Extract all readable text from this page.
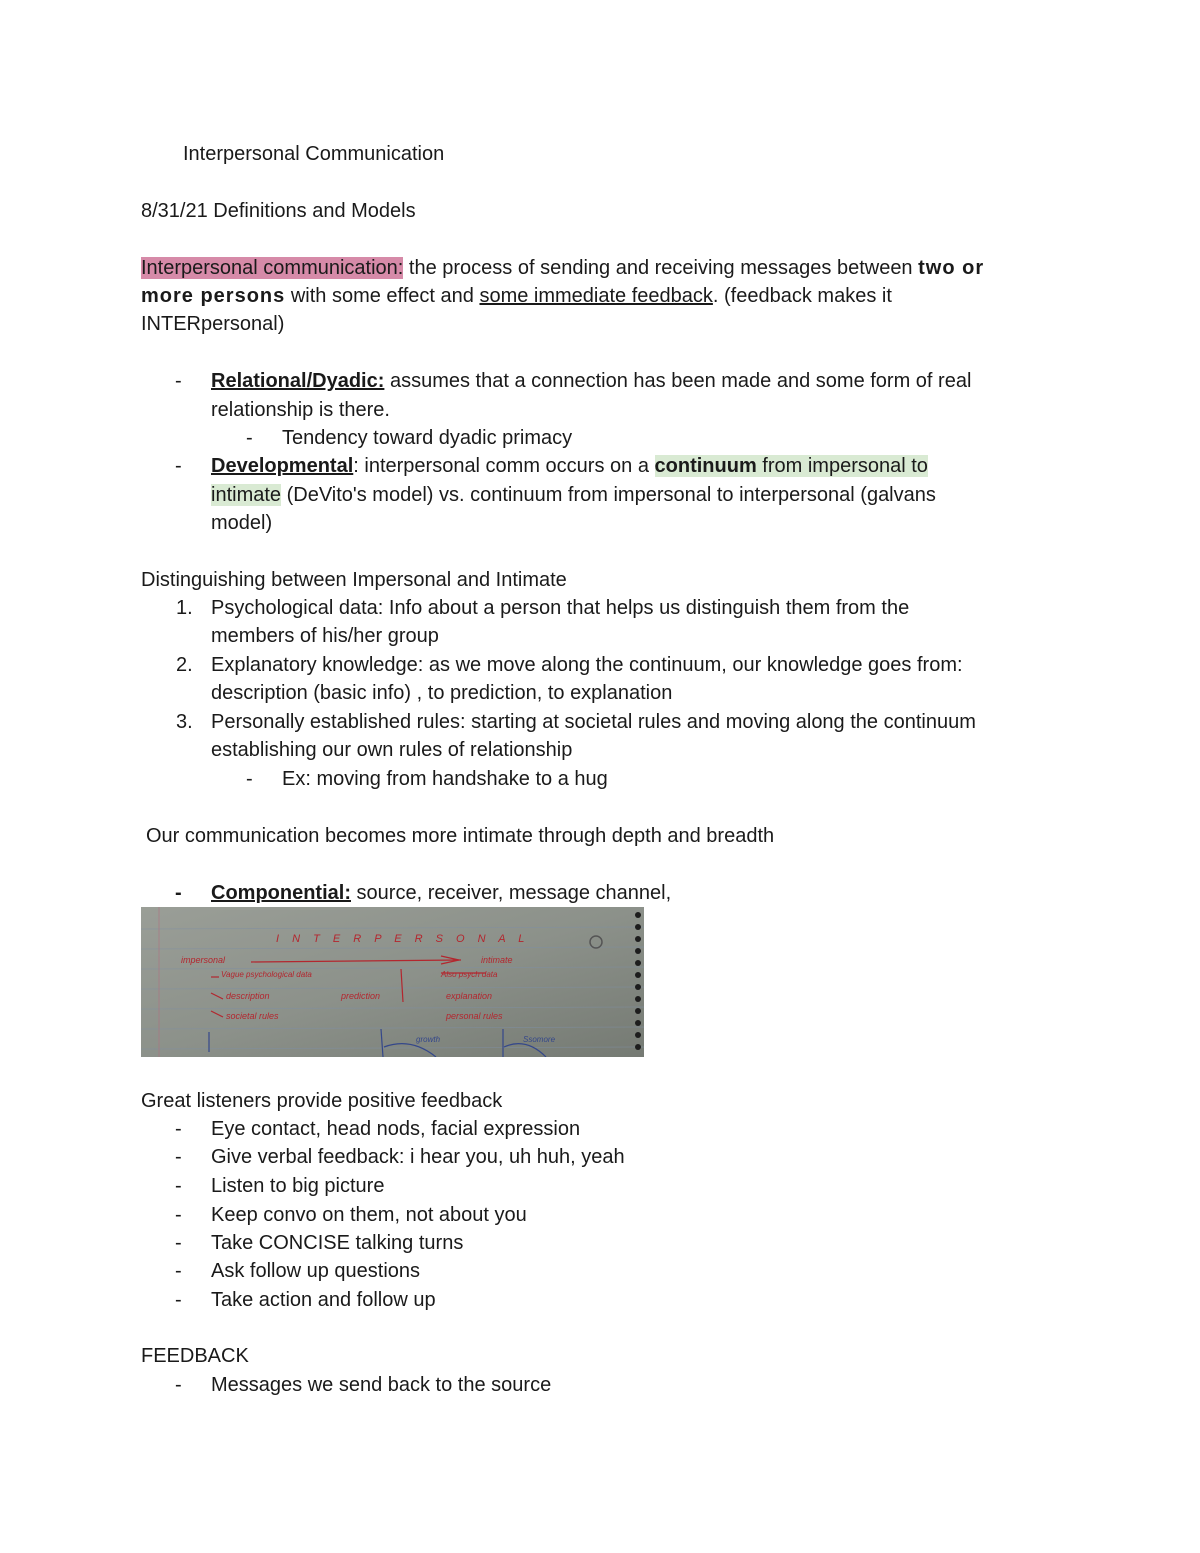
Interpersonal Communication
8/31/21 Definitions and Models
Interpersonal communication: the process of sending and receiving messages between two or
more persons with some effect and some immediate feedback. (feedback makes it
INTERpersonal)
- Relational/Dyadic: assumes that a connection has been made and some form of real
relationship is there.
- Tendency toward dyadic primacy
- Developmental: interpersonal comm occurs on a continuum from impersonal to
intimate (DeVito's model) vs. continuum from impersonal to interpersonal (galvans
model)
Distinguishing between Impersonal and Intimate
1. Psychological data: Info about a person that helps us distinguish them from the
members of his/her group
2. Explanatory knowledge: as we move along the continuum, our knowledge goes from:
description (basic info) , to prediction, to explanation
3. Personally established rules: starting at societal rules and moving along the continuum
establishing our own rules of relationship
- Ex: moving from handshake to a hug
Our communication becomes more intimate through depth and breadth
- Componential: source, receiver, message channel,
I N T E R P E R S O N A L
impersonal
Vague psychological data
description
societal rules
prediction
intimate
Also psych data
explanation
personal rules
growth	Ssomore
Great listeners provide positive feedback
- Eye contact, head nods, facial expression
- Give verbal feedback: i hear you, uh huh, yeah
- Listen to big picture
- Keep convo on them, not about you
- Take CONCISE talking turns
- Ask follow up questions
- Take action and follow up
FEEDBACK
- Messages we send back to the source
